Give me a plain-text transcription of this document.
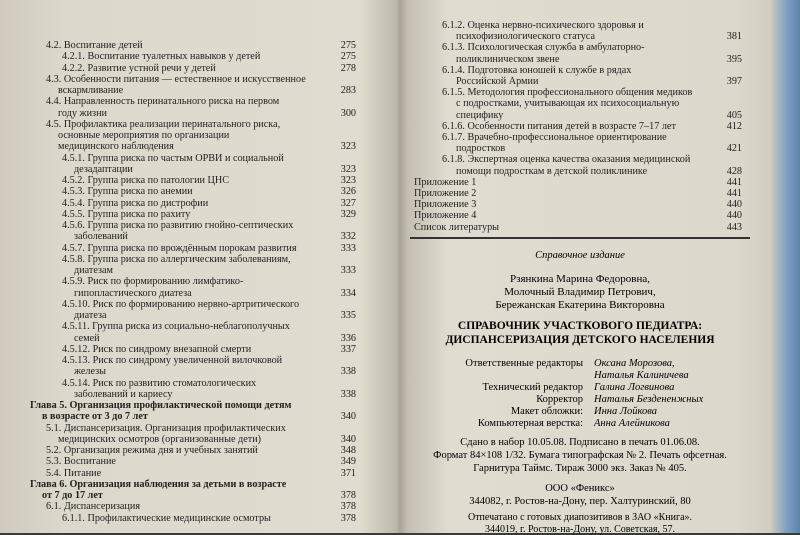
4.2. Воспитание детей	275
4.2.1. Воспитание туалетных навыков у детей	275
4.2.2. Развитие устной речи у детей	278
4.3. Особенности питания — естественное и искусственное
вскармливание	283
4.4. Направленность перинатального риска на первом
году жизни	300
4.5. Профилактика реализации перинатального риска,
основные мероприятия по организации
медицинского наблюдения	323
4.5.1. Группа риска по частым ОРВИ и социальной
дезадаптации	323
4.5.2. Группа риска по патологии ЦНС	323
4.5.3. Группа риска по анемии	326
4.5.4. Группа риска по дистрофии	327
4.5.5. Группа риска по рахиту	329
4.5.6. Группа риска по развитию гнойно-септических
заболеваний	332
4.5.7. Группа риска по врождённым порокам развития	333
4.5.8. Группа риска по аллергическим заболеваниям,
диатезам	333
4.5.9. Риск по формированию лимфатико-
гипопластического диатеза	334
4.5.10. Риск по формированию нервно-артритического
диатеза	335
4.5.11. Группа риска из социально-неблагополучных
семей	336
4.5.12. Риск по синдрому внезапной смерти	337
4.5.13. Риск по синдрому увеличенной вилочковой
железы	338
4.5.14. Риск по развитию стоматологических
заболеваний и кариесу	338
Глава 5. Организация профилактической помощи детям
в возрасте от 3 до 7 лет	340
5.1. Диспансеризация. Организация профилактических
медицинских осмотров (организованные дети)	340
5.2. Организация режима дня и учебных занятий	348
5.3. Воспитание	349
5.4. Питание	371
Глава 6. Организация наблюдения за детьми в возрасте
от 7 до 17 лет	378
6.1. Диспансеризация	378
6.1.1. Профилактические медицинские осмотры	378
6.1.2. Оценка нервно-психического здоровья и
психофизиологического статуса	381
6.1.3. Психологическая служба в амбулаторно-
поликлиническом звене	395
6.1.4. Подготовка юношей к службе в рядах
Российской Армии	397
6.1.5. Методология профессионального общения медиков
с подростками, учитывающая их психосоциальную
специфику	405
6.1.6. Особенности питания детей в возрасте 7–17 лет	412
6.1.7. Врачебно-профессиональное ориентирование
подростков	421
6.1.8. Экспертная оценка качества оказания медицинской
помощи подросткам в детской поликлинике	428
Приложение 1	441
Приложение 2	441
Приложение 3	440
Приложение 4	440
Список литературы	443
Справочное издание
Рзянкина Марина Федоровна,
Молочный Владимир Петрович,
Бережанская Екатерина Викторовна
СПРАВОЧНИК УЧАСТКОВОГО ПЕДИАТРА:
ДИСПАНСЕРИЗАЦИЯ ДЕТСКОГО НАСЕЛЕНИЯ
Ответственные редакторы Оксана Морозова,
Наталья Калиничева
Технический редактор Галина Логвинова
Корректор Наталья Бездененжных
Макет обложки: Инна Лойкова
Компьютерная верстка: Анна Алейникова
Сдано в набор 10.05.08. Подписано в печать 01.06.08.
Формат 84×108 1/32. Бумага типографская № 2. Печать офсетная.
Гарнитура Таймс. Тираж 3000 экз. Заказ № 405.
ООО «Феникс»
344082, г. Ростов-на-Дону, пер. Халтуринский, 80
Отпечатано с готовых диапозитивов в ЗАО «Книга».
344019, г. Ростов-на-Дону, ул. Советская, 57.
